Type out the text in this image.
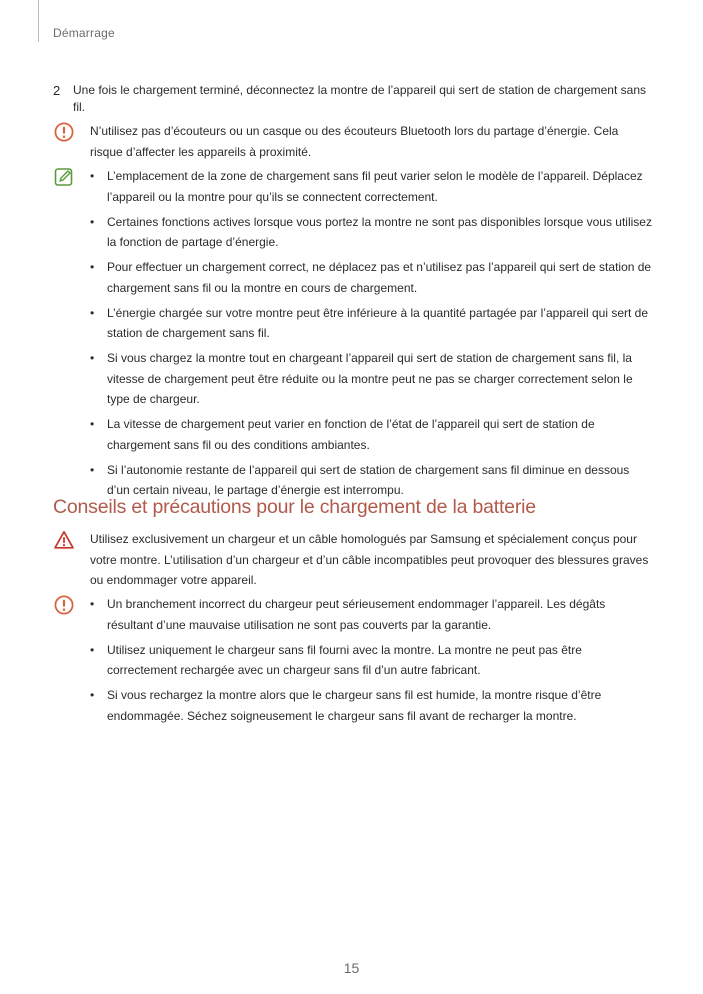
Démarrage
2	Une fois le chargement terminé, déconnectez la montre de l’appareil qui sert de station de chargement sans fil.

N’utilisez pas d’écouteurs ou un casque ou des écouteurs Bluetooth lors du partage d’énergie. Cela risque d’affecter les appareils à proximité.

• L’emplacement de la zone de chargement sans fil peut varier selon le modèle de l’appareil. Déplacez l’appareil ou la montre pour qu’ils se connectent correctement.
• Certaines fonctions actives lorsque vous portez la montre ne sont pas disponibles lorsque vous utilisez la fonction de partage d’énergie.
• Pour effectuer un chargement correct, ne déplacez pas et n’utilisez pas l’appareil qui sert de station de chargement sans fil ou la montre en cours de chargement.
• L’énergie chargée sur votre montre peut être inférieure à la quantité partagée par l’appareil qui sert de station de chargement sans fil.
• Si vous chargez la montre tout en chargeant l’appareil qui sert de station de chargement sans fil, la vitesse de chargement peut être réduite ou la montre peut ne pas se charger correctement selon le type de chargeur.
• La vitesse de chargement peut varier en fonction de l’état de l’appareil qui sert de station de chargement sans fil ou des conditions ambiantes.
• Si l’autonomie restante de l’appareil qui sert de station de chargement sans fil diminue en dessous d’un certain niveau, le partage d’énergie est interrompu.
Conseils et précautions pour le chargement de la batterie

Utilisez exclusivement un chargeur et un câble homologués par Samsung et spécialement conçus pour votre montre. L’utilisation d’un chargeur et d’un câble incompatibles peut provoquer des blessures graves ou endommager votre appareil.

• Un branchement incorrect du chargeur peut sérieusement endommager l’appareil. Les dégâts résultant d’une mauvaise utilisation ne sont pas couverts par la garantie.
• Utilisez uniquement le chargeur sans fil fourni avec la montre. La montre ne peut pas être correctement rechargée avec un chargeur sans fil d’un autre fabricant.
• Si vous rechargez la montre alors que le chargeur sans fil est humide, la montre risque d’être endommagée. Séchez soigneusement le chargeur sans fil avant de recharger la montre.
15
